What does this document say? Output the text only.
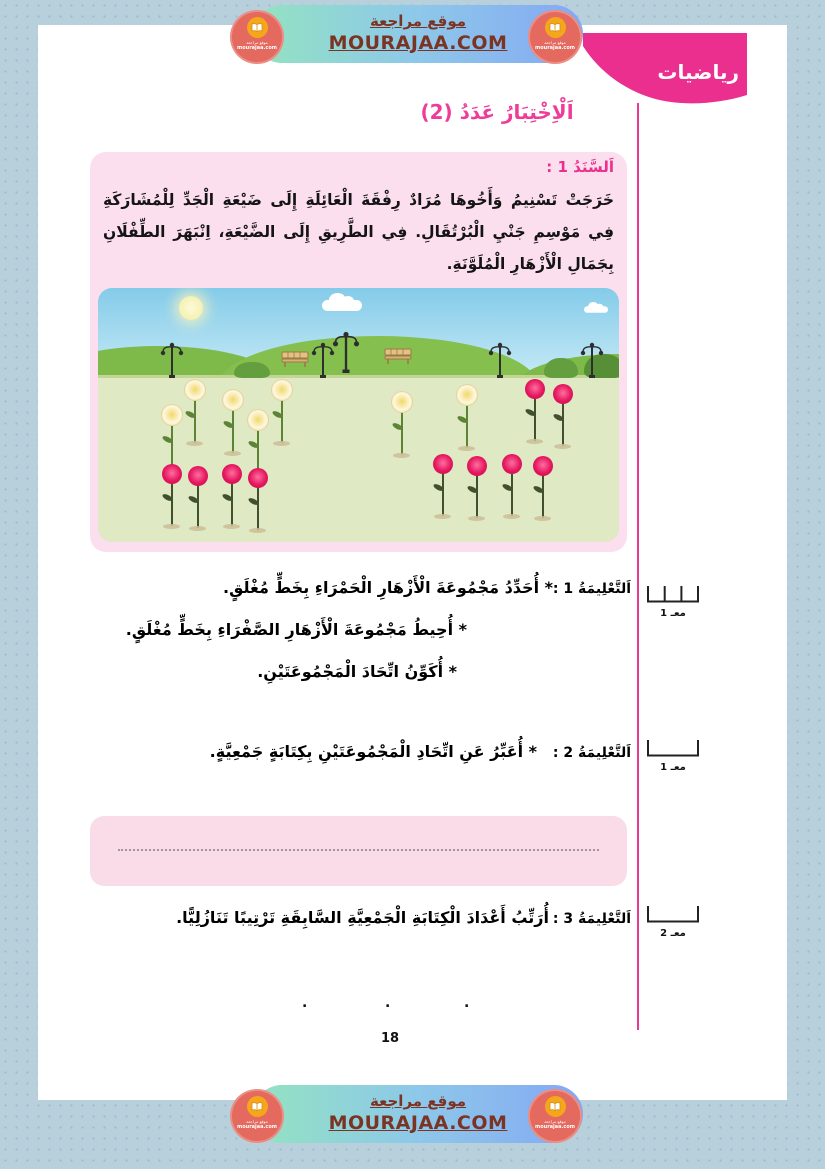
موقع مراجعة
MOURAJAA.COM
موقع مراجعة
mourajaa.com
موقع مراجعة
mourajaa.com
رياضيات
اَلْاِخْتِبَارُ عَدَدُ (2)
اَلسَّنَدُ 1 :
خَرَجَتْ تَسْنِيمُ وَأَخُوهَا مُرَادٌ رِفْقَةَ الْعَائِلَةِ إِلَى ضَيْعَةِ الْجَدِّ لِلْمُشَارَكَةِ فِي مَوْسِمِ جَنْيِ الْبُرْتُقَالِ. فِي الطَّرِيقِ إِلَى الضَّيْعَةِ، اِنْبَهَرَ الطِّفْلَانِ بِجَمَالِ الْأَزْهَارِ الْمُلَوَّنَةِ.
اَلتَّعْلِيمَةُ 1 :
* أُحَدِّدُ مَجْمُوعَةَ الْأَزْهَارِ الْحَمْرَاءِ بِخَطٍّ مُغْلَقٍ.
* أُحِيطُ مَجْمُوعَةَ الْأَزْهَارِ الصَّفْرَاءِ بِخَطٍّ مُغْلَقٍ.
* أُكَوِّنُ اتِّحَادَ الْمَجْمُوعَتَيْنِ.
اَلتَّعْلِيمَةُ 2 :
* أُعَبِّرُ عَنِ اتِّحَادِ الْمَجْمُوعَتَيْنِ بِكِتَابَةٍ جَمْعِيَّةٍ.
اَلتَّعْلِيمَةُ 3 :
أُرَتِّبُ أَعْدَادَ الْكِتَابَةِ الْجَمْعِيَّةِ السَّابِقَةِ تَرْتِيبًا تَنَازُلِيًّا.
.	.	.
معـ 1
معـ 1
معـ 2
18
موقع مراجعة
MOURAJAA.COM
موقع مراجعة
mourajaa.com
موقع مراجعة
mourajaa.com
